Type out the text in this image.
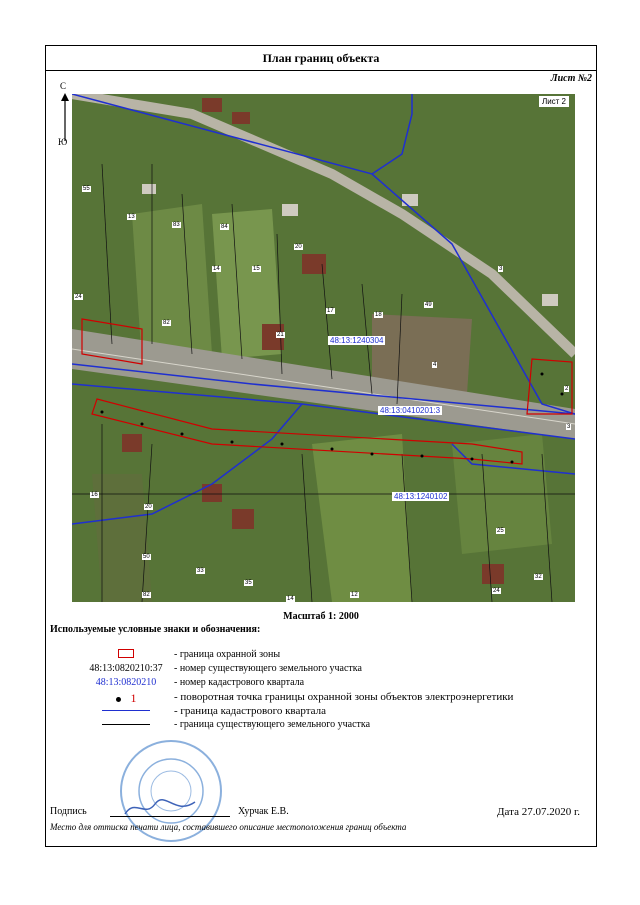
План границ объекта
Лист №2
С
Ю
Лист 2
48:13:1240304
48:13:0410201:3
48:13:1240102
55
13
83
14	15
20
17
18
21
84
82
24
3
2
3
4
49
16
20
33
35
14
12
25
24
32
82
50
Масштаб 1: 2000
Используемые условные знаки и обозначения:
- граница охранной зоны
48:13:0820210:37	- номер существующего земельного участка
48:13:0820210	- номер кадастрового квартала
1	- поворотная точка границы охранной зоны объектов электроэнергетики
- граница кадастрового квартала
- граница существующего земельного участка
Подпись	Хурчак Е.В.	Дата 27.07.2020 г.
Место для оттиска печати лица, составившего описание местоположения границ объекта
